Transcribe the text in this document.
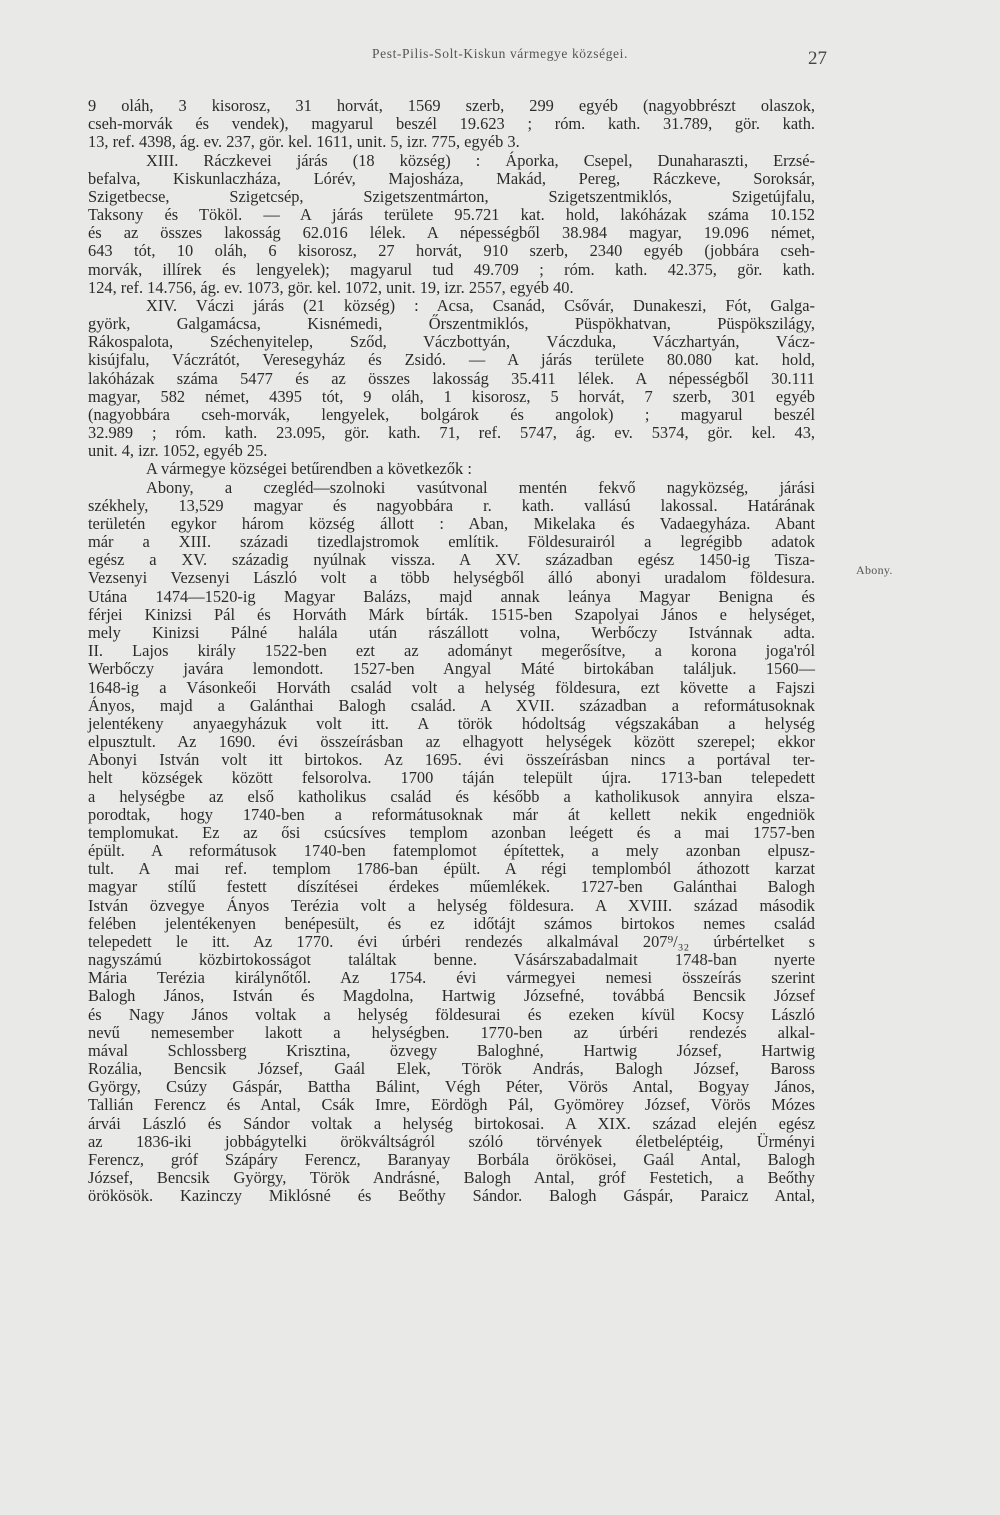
Pest-Pilis-Solt-Kiskun vármegye községei.	27
Abony.
9 oláh, 3 kisorosz, 31 horvát, 1569 szerb, 299 egyéb (nagyobbrészt olaszok,
cseh-morvák és vendek), magyarul beszél 19.623 ; róm. kath. 31.789, gör. kath.
13, ref. 4398, ág. ev. 237, gör. kel. 1611, unit. 5, izr. 775, egyéb 3.
XIII. Ráczkevei járás (18 község) : Áporka, Csepel, Dunaharaszti, Erzsé-
befalva, Kiskunlaczháza, Lórév, Majosháza, Makád, Pereg, Ráczkeve, Soroksár,
Szigetbecse, Szigetcsép, Szigetszentmárton, Szigetszentmiklós, Szigetújfalu,
Taksony és Tököl. — A járás területe 95.721 kat. hold, lakóházak száma 10.152
és az összes lakosság 62.016 lélek. A népességből 38.984 magyar, 19.096 német,
643 tót, 10 oláh, 6 kisorosz, 27 horvát, 910 szerb, 2340 egyéb (jobbára cseh-
morvák, illírek és lengyelek); magyarul tud 49.709 ; róm. kath. 42.375, gör. kath.
124, ref. 14.756, ág. ev. 1073, gör. kel. 1072, unit. 19, izr. 2557, egyéb 40.
XIV. Váczi járás (21 község) : Acsa, Csanád, Csővár, Dunakeszi, Fót, Galga-
györk, Galgamácsa, Kisnémedi, Őrszentmiklós, Püspökhatvan, Püspökszilágy,
Rákospalota, Széchenyitelep, Sződ, Váczbottyán, Váczduka, Váczhartyán, Vácz-
kisújfalu, Váczrátót, Veresegyház és Zsidó. — A járás területe 80.080 kat. hold,
lakóházak száma 5477 és az összes lakosság 35.411 lélek. A népességből 30.111
magyar, 582 német, 4395 tót, 9 oláh, 1 kisorosz, 5 horvát, 7 szerb, 301 egyéb
(nagyobbára cseh-morvák, lengyelek, bolgárok és angolok) ; magyarul beszél
32.989 ; róm. kath. 23.095, gör. kath. 71, ref. 5747, ág. ev. 5374, gör. kel. 43,
unit. 4, izr. 1052, egyéb 25.
A vármegye községei betűrendben a következők :
Abony, a czegléd—szolnoki vasútvonal mentén fekvő nagyközség, járási
székhely, 13,529 magyar és nagyobbára r. kath. vallású lakossal. Határának
területén egykor három község állott : Aban, Mikelaka és Vadaegyháza. Abant
már a XIII. századi tizedlajstromok említik. Földesurairól a legrégibb adatok
egész a XV. századig nyúlnak vissza. A XV. században egész 1450-ig Tisza-
Vezsenyi Vezsenyi László volt a több helységből álló abonyi uradalom földesura.
Utána 1474—1520-ig Magyar Balázs, majd annak leánya Magyar Benigna és
férjei Kinizsi Pál és Horváth Márk bírták. 1515-ben Szapolyai János e helységet,
mely Kinizsi Pálné halála után rászállott volna, Werbőczy Istvánnak adta.
II. Lajos király 1522-ben ezt az adományt megerősítve, a korona joga'ról
Werbőczy javára lemondott. 1527-ben Angyal Máté birtokában találjuk. 1560—
1648-ig a Vásonkeői Horváth család volt a helység földesura, ezt követte a Fajszi
Ányos, majd a Galánthai Balogh család. A XVII. században a reformátusoknak
jelentékeny anyaegyházuk volt itt. A török hódoltság végszakában a helység
elpusztult. Az 1690. évi összeírásban az elhagyott helységek között szerepel; ekkor
Abonyi István volt itt birtokos. Az 1695. évi összeírásban nincs a portával ter-
helt községek között felsorolva. 1700 táján települt újra. 1713-ban telepedett
a helységbe az első katholikus család és később a katholikusok annyira elsza-
porodtak, hogy 1740-ben a reformátusoknak már át kellett nekik engedniök
templomukat. Ez az ősi csúcsíves templom azonban leégett és a mai 1757-ben
épült. A reformátusok 1740-ben fatemplomot építettek, a mely azonban elpusz-
tult. A mai ref. templom 1786-ban épült. A régi templomból áthozott karzat
magyar stílű festett díszítései érdekes műemlékek. 1727-ben Galánthai Balogh
István özvegye Ányos Terézia volt a helység földesura. A XVIII. század második
felében jelentékenyen benépesült, és ez időtájt számos birtokos nemes család
telepedett le itt. Az 1770. évi úrbéri rendezés alkalmával 207⁹/₃₂ úrbértelket s
nagyszámú közbirtokosságot találtak benne. Vásárszabadalmait 1748-ban nyerte
Mária Terézia királynőtől. Az 1754. évi vármegyei nemesi összeírás szerint
Balogh János, István és Magdolna, Hartwig Józsefné, továbbá Bencsik József
és Nagy János voltak a helység földesurai és ezeken kívül Kocsy László
nevű nemesember lakott a helységben. 1770-ben az úrbéri rendezés alkal-
mával Schlossberg Krisztina, özvegy Baloghné, Hartwig József, Hartwig
Rozália, Bencsik József, Gaál Elek, Török András, Balogh József, Baross
György, Csúzy Gáspár, Battha Bálint, Végh Péter, Vörös Antal, Bogyay János,
Tallián Ferencz és Antal, Csák Imre, Eördögh Pál, Gyömörey József, Vörös Mózes
árvái László és Sándor voltak a helység birtokosai. A XIX. század elején egész
az 1836-iki jobbágytelki örökváltságról szóló törvények életbeléptéig, Ürményi
Ferencz, gróf Szápáry Ferencz, Baranyay Borbála örökösei, Gaál Antal, Balogh
József, Bencsik György, Török Andrásné, Balogh Antal, gróf Festetich, a Beőthy
örökösök. Kazinczy Miklósné és Beőthy Sándor. Balogh Gáspár, Paraicz Antal,
